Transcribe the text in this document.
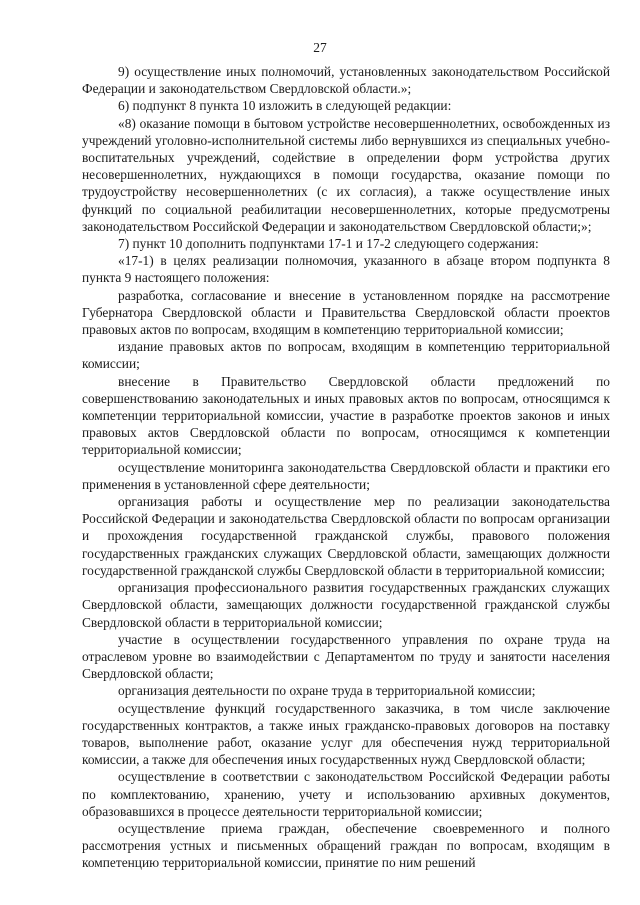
27

9) осуществление иных полномочий, установленных законодательством Российской Федерации и законодательством Свердловской области.»;

6) подпункт 8 пункта 10 изложить в следующей редакции:

«8) оказание помощи в бытовом устройстве несовершеннолетних, освобожденных из учреждений уголовно-исполнительной системы либо вернувшихся из специальных учебно-воспитательных учреждений, содействие в определении форм устройства других несовершеннолетних, нуждающихся в помощи государства, оказание помощи по трудоустройству несовершеннолетних (с их согласия), а также осуществление иных функций по социальной реабилитации несовершеннолетних, которые предусмотрены законодательством Российской Федерации и законодательством Свердловской области;»;

7) пункт 10 дополнить подпунктами 17-1 и 17-2 следующего содержания:

«17-1) в целях реализации полномочия, указанного в абзаце втором подпункта 8 пункта 9 настоящего положения:

разработка, согласование и внесение в установленном порядке на рассмотрение Губернатора Свердловской области и Правительства Свердловской области проектов правовых актов по вопросам, входящим в компетенцию территориальной комиссии;

издание правовых актов по вопросам, входящим в компетенцию территориальной комиссии;

внесение в Правительство Свердловской области предложений по совершенствованию законодательных и иных правовых актов по вопросам, относящимся к компетенции территориальной комиссии, участие в разработке проектов законов и иных правовых актов Свердловской области по вопросам, относящимся к компетенции территориальной комиссии;

осуществление мониторинга законодательства Свердловской области и практики его применения в установленной сфере деятельности;

организация работы и осуществление мер по реализации законодательства Российской Федерации и законодательства Свердловской области по вопросам организации и прохождения государственной гражданской службы, правового положения государственных гражданских служащих Свердловской области, замещающих должности государственной гражданской службы Свердловской области в территориальной комиссии;

организация профессионального развития государственных гражданских служащих Свердловской области, замещающих должности государственной гражданской службы Свердловской области в территориальной комиссии;

участие в осуществлении государственного управления по охране труда на отраслевом уровне во взаимодействии с Департаментом по труду и занятости населения Свердловской области;

организация деятельности по охране труда в территориальной комиссии;

осуществление функций государственного заказчика, в том числе заключение государственных контрактов, а также иных гражданско-правовых договоров на поставку товаров, выполнение работ, оказание услуг для обеспечения нужд территориальной комиссии, а также для обеспечения иных государственных нужд Свердловской области;

осуществление в соответствии с законодательством Российской Федерации работы по комплектованию, хранению, учету и использованию архивных документов, образовавшихся в процессе деятельности территориальной комиссии;

осуществление приема граждан, обеспечение своевременного и полного рассмотрения устных и письменных обращений граждан по вопросам, входящим в компетенцию территориальной комиссии, принятие по ним решений
